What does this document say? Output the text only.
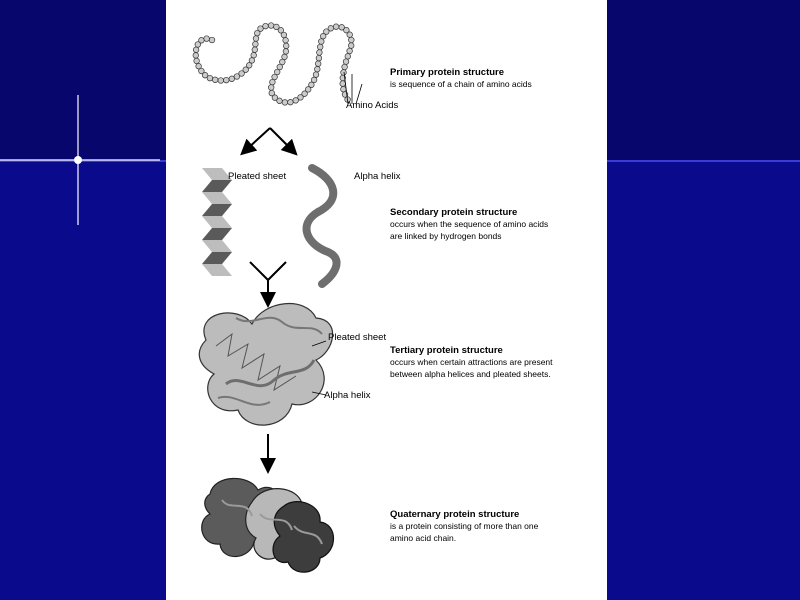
Primary protein structure
is sequence of a chain of amino acids
Amino Acids
Pleated sheet	Alpha helix
Secondary protein structure
occurs when the sequence of amino acids
are linked by hydrogen bonds
Pleated sheet
Tertiary protein structure
occurs when certain attractions are present
between alpha helices and pleated sheets.
Alpha helix
Quaternary protein structure
is a protein consisting of more than one
amino acid chain.
